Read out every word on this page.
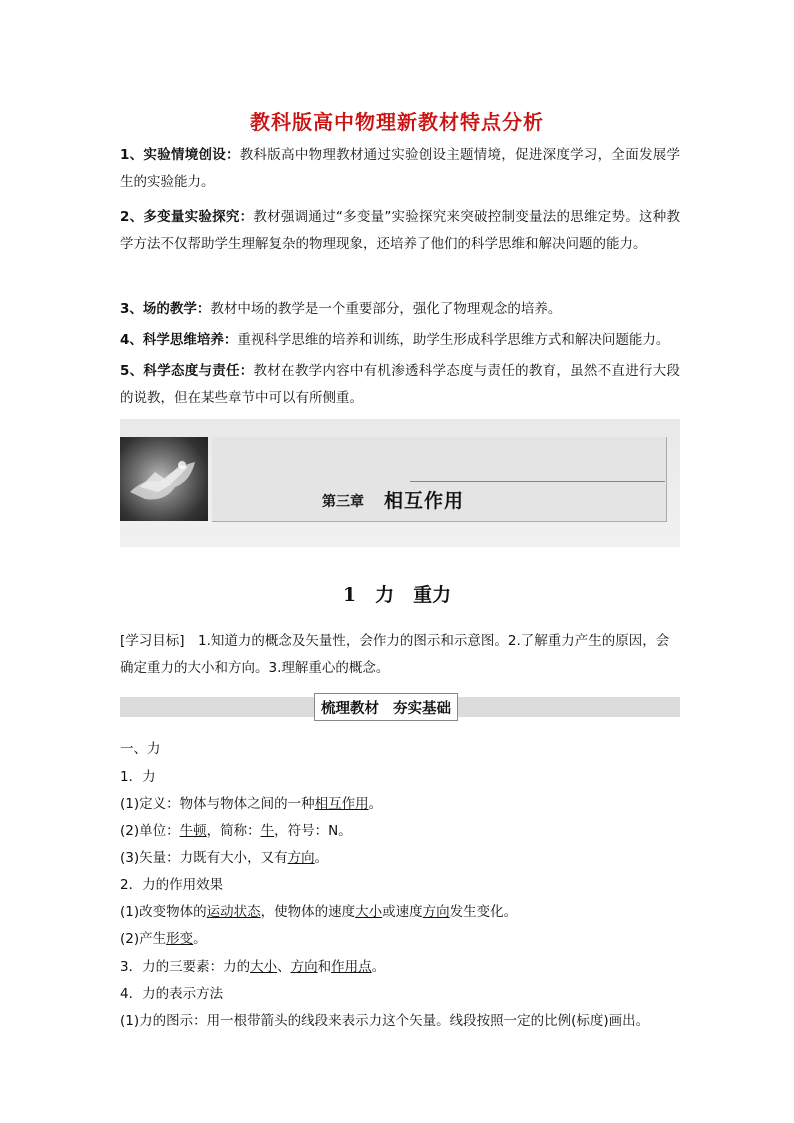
教科版高中物理新教材特点分析
1、实验情境创设：教科版高中物理教材通过实验创设主题情境，促进深度学习，全面发展学生的实验能力。
2、多变量实验探究：教材强调通过“多变量”实验探究来突破控制变量法的思维定势。这种教学方法不仅帮助学生理解复杂的物理现象，还培养了他们的科学思维和解决问题的能力。
3、场的教学：教材中场的教学是一个重要部分，强化了物理观念的培养。
4、科学思维培养：重视科学思维的培养和训练，助学生形成科学思维方式和解决问题能力。
5、科学态度与责任：教材在教学内容中有机渗透科学态度与责任的教育，虽然不直进行大段的说教，但在某些章节中可以有所侧重。
第三章 相互作用
1　力　重力
[学习目标]　1.知道力的概念及矢量性，会作力的图示和示意图。2.了解重力产生的原因，会确定重力的大小和方向。3.理解重心的概念。
梳理教材 夯实基础
一、力
1．力
(1)定义：物体与物体之间的一种相互作用。
(2)单位：牛顿，简称：牛，符号：N。
(3)矢量：力既有大小，又有方向。
2．力的作用效果
(1)改变物体的运动状态，使物体的速度大小或速度方向发生变化。
(2)产生形变。
3．力的三要素：力的大小、方向和作用点。
4．力的表示方法
(1)力的图示：用一根带箭头的线段来表示力这个矢量。线段按照一定的比例(标度)画出。
